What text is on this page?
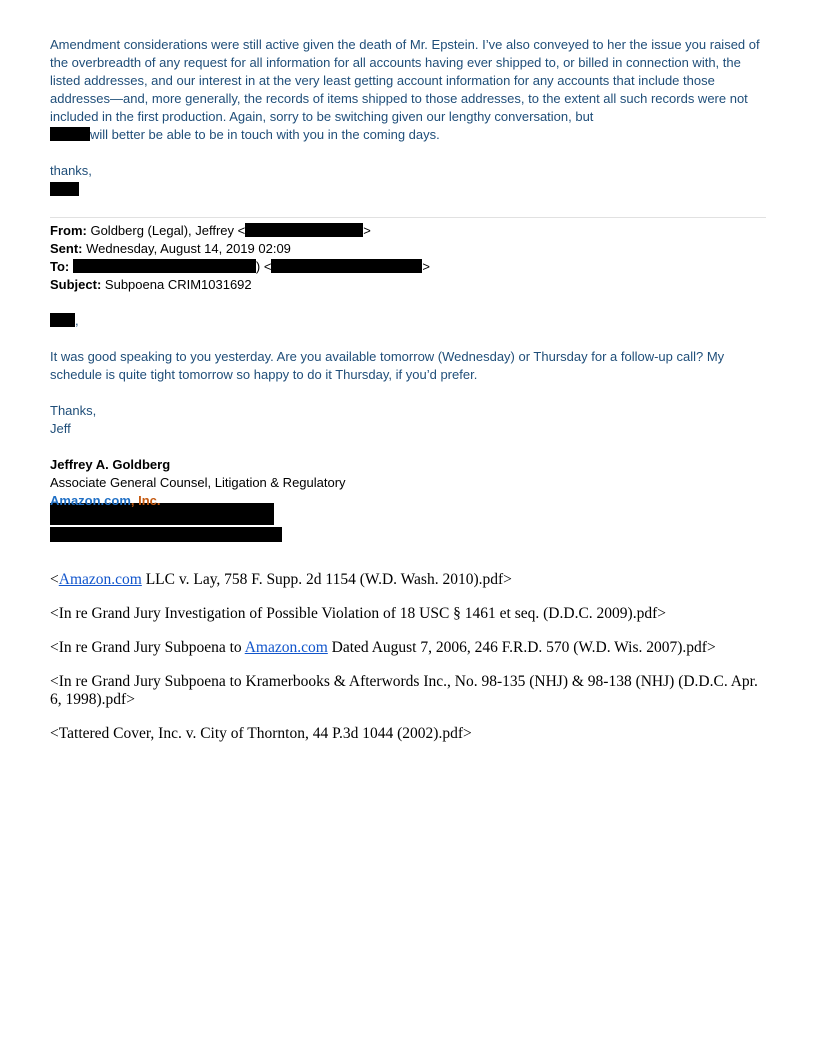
Amendment considerations were still active given the death of Mr. Epstein. I’ve also conveyed to her the issue you raised of the overbreadth of any request for all information for all accounts having ever shipped to, or billed in connection with, the listed addresses, and our interest in at the very least getting account information for any accounts that include those addresses—and, more generally, the records of items shipped to those addresses, to the extent all such records were not included in the first production. Again, sorry to be switching given our lengthy conversation, but
will better be able to be in touch with you in the coming days.

thanks,

From: Goldberg (Legal), Jeffrey <	>

Sent: Wednesday, August 14, 2019 02:09

To:	) <	>

Subject: Subpoena CRIM1031692

,

It was good speaking to you yesterday. Are you available tomorrow (Wednesday) or Thursday for a follow-up call? My schedule is quite tight tomorrow so happy to do it Thursday, if you’d prefer.

Thanks,

Jeff

Jeffrey A. Goldberg

Associate General Counsel, Litigation & Regulatory

Amazon.com, Inc.

<Amazon.com LLC v. Lay, 758 F. Supp. 2d 1154 (W.D. Wash. 2010).pdf>

<In re Grand Jury Investigation of Possible Violation of 18 USC § 1461 et seq. (D.D.C. 2009).pdf>

<In re Grand Jury Subpoena to Amazon.com Dated August 7, 2006, 246 F.R.D. 570 (W.D. Wis. 2007).pdf>

<In re Grand Jury Subpoena to Kramerbooks & Afterwords Inc., No. 98-135 (NHJ) & 98-138 (NHJ) (D.D.C. Apr. 6, 1998).pdf>

<Tattered Cover, Inc. v. City of Thornton, 44 P.3d 1044 (2002).pdf>
